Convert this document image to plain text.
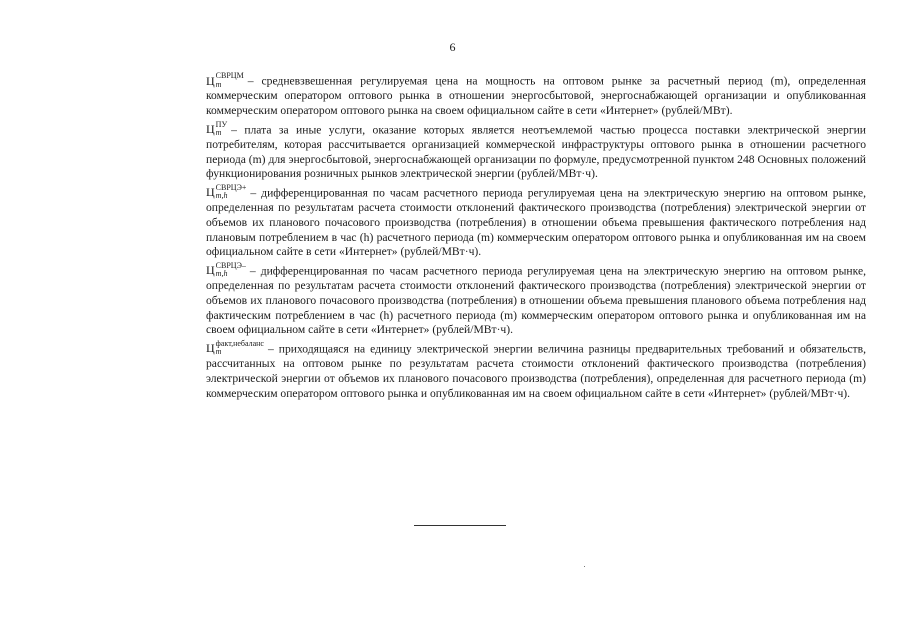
6

Ц СВРЦМ
m	– средневзвешенная регулируемая цена на мощность на оптовом рынке за расчетный период (m), определенная коммерческим оператором оптового рынка в отношении энергосбытовой, энергоснабжающей организации и опубликованная коммерческим оператором оптового рынка на своем официальном сайте в сети «Интернет» (рублей/МВт).

Ц ПУ
m – плата за иные услуги, оказание которых является неотъемлемой частью процесса поставки электрической энергии потребителям, которая рассчитывается организацией коммерческой инфраструктуры оптового рынка в отношении расчетного периода (m) для энергосбытовой, энергоснабжающей организации по формуле, предусмотренной пунктом 248 Основных положений функционирования розничных рынков электрической энергии (рублей/МВт·ч).

Ц СВРЦЭ+
m,h	– дифференцированная по часам расчетного периода регулируемая цена на электрическую энергию на оптовом рынке, определенная по результатам расчета стоимости отклонений фактического производства (потребления) электрической энергии от объемов их планового почасового производства (потребления) в отношении объема превышения фактического потребления над плановым потреблением в час (h) расчетного периода (m) коммерческим оператором оптового рынка и опубликованная им на своем официальном сайте в сети «Интернет» (рублей/МВт·ч).

Ц СВРЦЭ–
m,h	– дифференцированная по часам расчетного периода регулируемая цена на электрическую энергию на оптовом рынке, определенная по результатам расчета стоимости отклонений фактического производства (потребления) электрической энергии от объемов их планового почасового производства (потребления) в отношении объема превышения планового объема потребления над фактическим потреблением в час (h) расчетного периода (m) коммерческим оператором оптового рынка и опубликованная им на своем официальном сайте в сети «Интернет» (рублей/МВт·ч).

Ц факт,небаланс
m	– приходящаяся на единицу электрической энергии величина разницы предварительных требований и обязательств, рассчитанных на оптовом рынке по результатам расчета стоимости отклонений фактического производства (потребления) электрической энергии от объемов их планового почасового производства (потребления), определенная для расчетного периода (m) коммерческим оператором оптового рынка и опубликованная им на своем официальном сайте в сети «Интернет» (рублей/МВт·ч).
